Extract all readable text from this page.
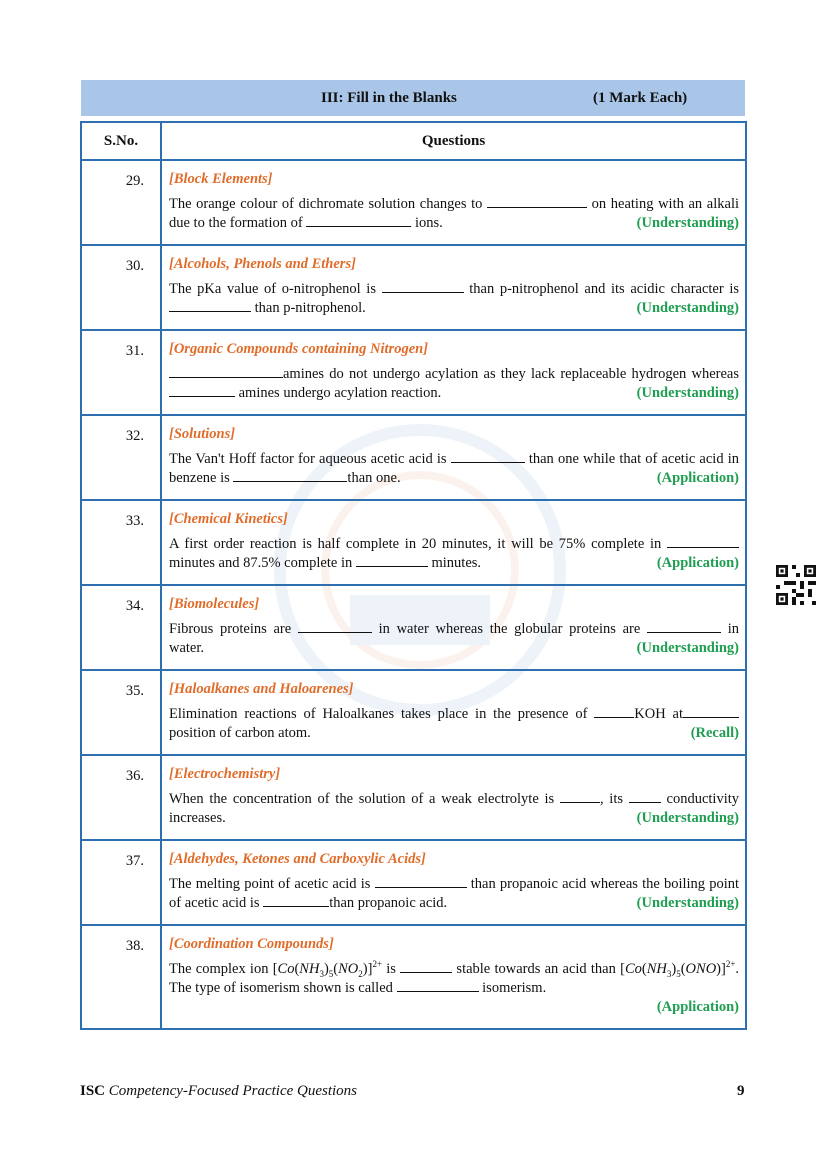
III: Fill in the Blanks	(1 Mark Each)
S.No.	Questions
29.	[Block Elements]
The orange colour of dichromate solution changes to on heating with an alkali due to the formation of ions. (Understanding)

30.	[Alcohols, Phenols and Ethers]
The pKa value of o-nitrophenol is than p-nitrophenol and its acidic character is  than p-nitrophenol. (Understanding)

31.	[Organic Compounds containing Nitrogen]
amines do not undergo acylation as they lack replaceable hydrogen whereas  amines undergo acylation reaction. (Understanding)

32.	[Solutions]
The Van't Hoff factor for aqueous acetic acid is than one while that of acetic acid in benzene is than one. (Application)

33.	[Chemical Kinetics]
A first order reaction is half complete in 20 minutes, it will be 75% complete in  minutes and 87.5% complete in minutes. (Application)

34.	[Biomolecules]
Fibrous proteins are in water whereas the globular proteins are in water. (Understanding)

35.	[Haloalkanes and Haloarenes]
Elimination reactions of Haloalkanes takes place in the presence of KOH at position of carbon atom. (Recall)

36.	[Electrochemistry]
When the concentration of the solution of a weak electrolyte is , its conductivity increases. (Understanding)

37.	[Aldehydes, Ketones and Carboxylic Acids]
The melting point of acetic acid is than propanoic acid whereas the boiling point of acetic acid is than propanoic acid. (Understanding)

38.	[Coordination Compounds]
The complex ion $[Co(NH_3)_5(NO_2)]^{2+}$ is stable towards an acid than $[Co(NH_3)_5(ONO)]^{2+}$. The type of isomerism shown is called isomerism.

(Application)
ISC Competency-Focused Practice Questions	9
